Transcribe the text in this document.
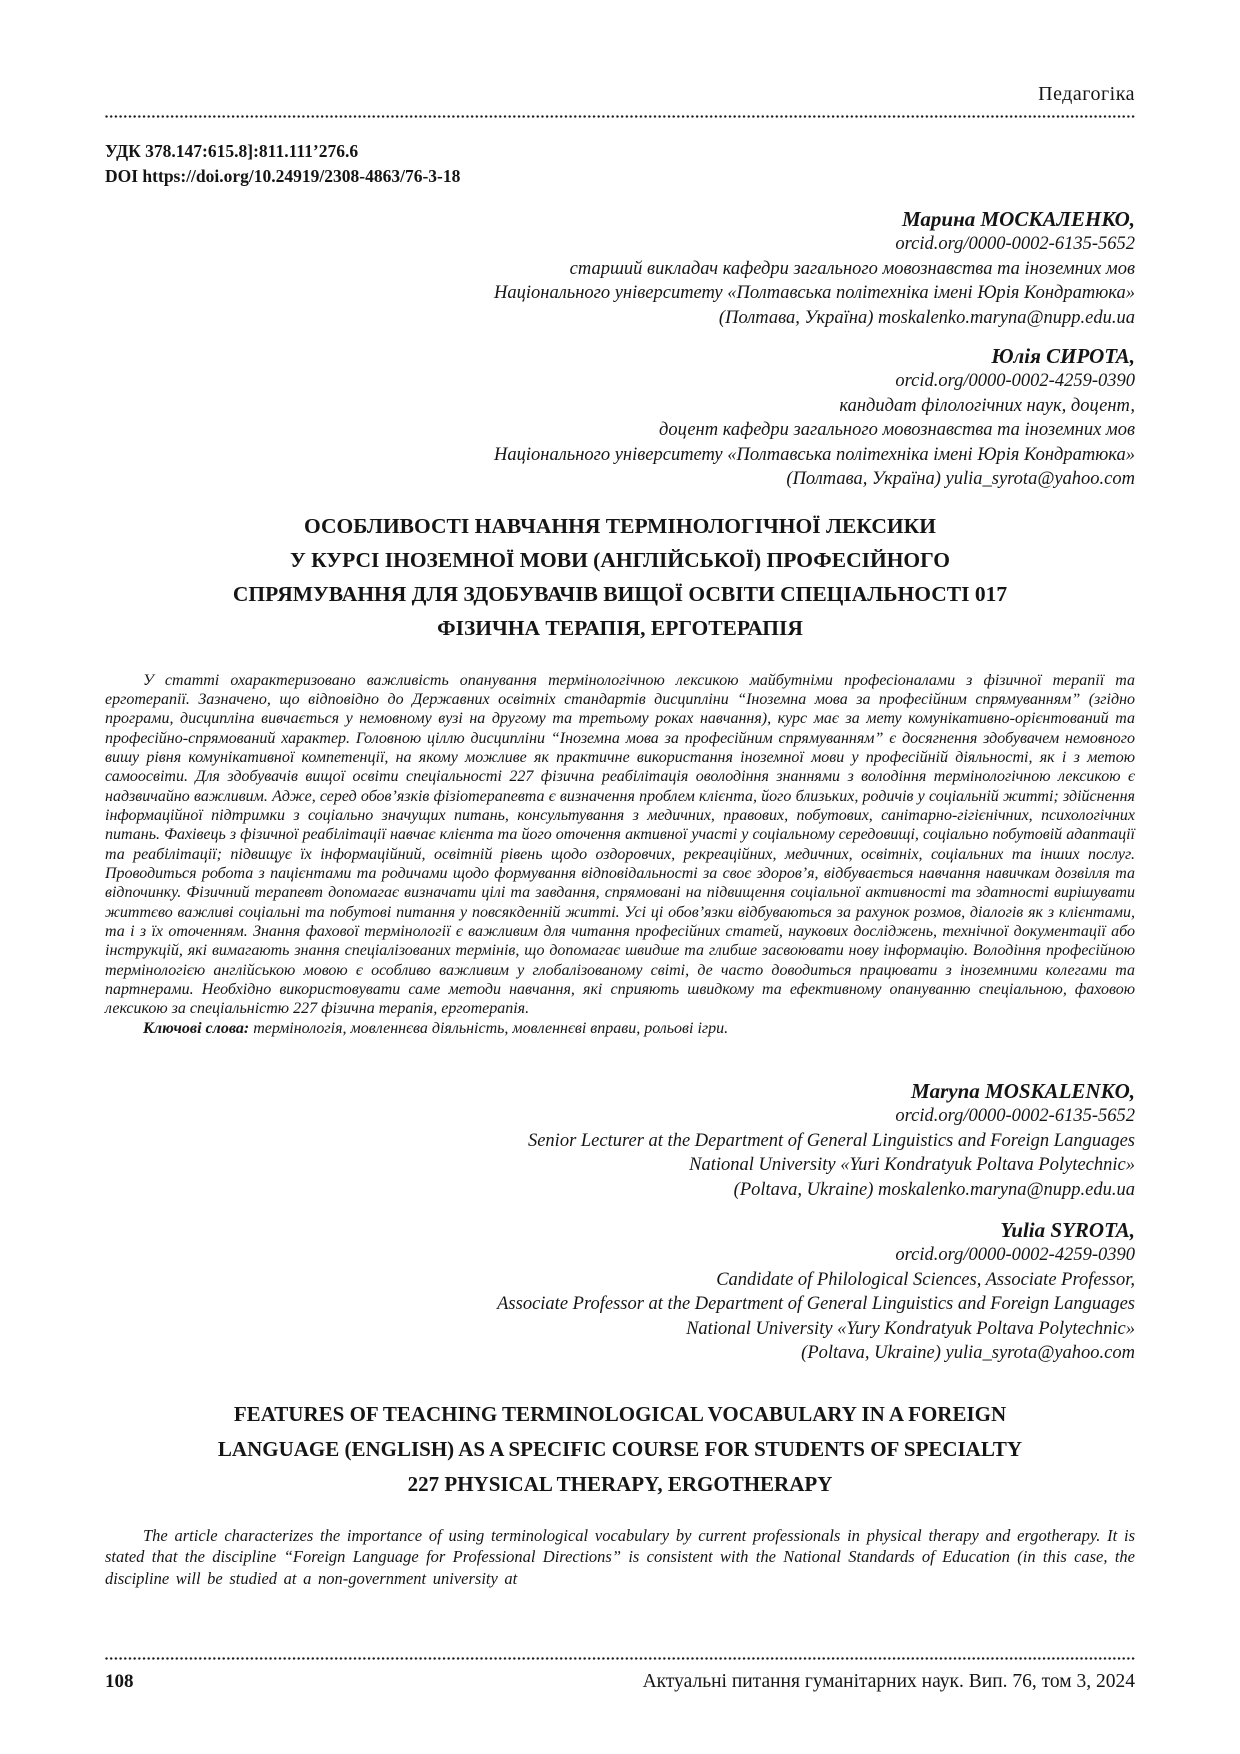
Педагогіка
УДК 378.147:615.8]:811.111’276.6
DOI https://doi.org/10.24919/2308-4863/76-3-18
Марина МОСКАЛЕНКО,
orcid.org/0000-0002-6135-5652
старший викладач кафедри загального мовознавства та іноземних мов
Національного університету «Полтавська політехніка імені Юрія Кондратюка»
(Полтава, Україна) moskalenko.maryna@nupp.edu.ua
Юлія СИРОТА,
orcid.org/0000-0002-4259-0390
кандидат філологічних наук, доцент,
доцент кафедри загального мовознавства та іноземних мов
Національного університету «Полтавська політехніка імені Юрія Кондратюка»
(Полтава, Україна) yulia_syrota@yahoo.com
ОСОБЛИВОСТІ НАВЧАННЯ ТЕРМІНОЛОГІЧНОЇ ЛЕКСИКИ
У КУРСІ ІНОЗЕМНОЇ МОВИ (АНГЛІЙСЬКОЇ) ПРОФЕСІЙНОГО
СПРЯМУВАННЯ ДЛЯ ЗДОБУВАЧІВ ВИЩОЇ ОСВІТИ СПЕЦІАЛЬНОСТІ 017
ФІЗИЧНА ТЕРАПІЯ, ЕРГОТЕРАПІЯ

У статті охарактеризовано важливість опанування термінологічною лексикою майбутніми професіоналами з фізичної терапії та ерготерапії. Зазначено, що відповідно до Державних освітніх стандартів дисципліни “Іноземна мова за професійним спрямуванням” (згідно програми, дисципліна вивчається у немовному вузі на другому та третьому роках навчання), курс має за мету комунікативно-орієнтований та професійно-спрямований характер. Головною ціллю дисципліни “Іноземна мова за професійним спрямуванням” є досягнення здобувачем немовного вишу рівня комунікативної компетенції, на якому можливе як практичне використання іноземної мови у професійній діяльності, як і з метою самоосвіти. Для здобувачів вищої освіти спеціальності 227 фізична реабілітація оволодіння знаннями з володіння термінологічною лексикою є надзвичайно важливим. Адже, серед обов’язків фізіотерапевта є визначення проблем клієнта, його близьких, родичів у соціальній житті; здійснення інформаційної підтримки з соціально значущих питань, консультування з медичних, правових, побутових, санітарно-гігієнічних, психологічних питань. Фахівець з фізичної реабілітації навчає клієнта та його оточення активної участі у соціальному середовищі, соціально побутовій адаптації та реабілітації; підвищує їх інформаційний, освітній рівень щодо оздоровчих, рекреаційних, медичних, освітніх, соціальних та інших послуг. Проводиться робота з пацієнтами та родичами щодо формування відповідальності за своє здоров’я, відбувається навчання навичкам дозвілля та відпочинку. Фізичний терапевт допомагає визначати цілі та завдання, спрямовані на підвищення соціальної активності та здатності вирішувати життєво важливі соціальні та побутові питання у повсякденній житті. Усі ці обов’язки відбуваються за рахунок розмов, діалогів як з клієнтами, та і з їх оточенням. Знання фахової термінології є важливим для читання професійних статей, наукових досліджень, технічної документації або інструкцій, які вимагають знання спеціалізованих термінів, що допомагає швидше та глибше засвоювати нову інформацію. Володіння професійною термінологією англійською мовою є особливо важливим у глобалізованому світі, де часто доводиться працювати з іноземними колегами та партнерами. Необхідно використовувати саме методи навчання, які сприяють швидкому та ефективному опануванню спеціальною, фаховою лексикою за спеціальністю 227 фізична терапія, ерготерапія.

Ключові слова: термінологія, мовленнєва діяльність, мовленнєві вправи, рольові ігри.

Maryna MOSKALENKO,
orcid.org/0000-0002-6135-5652
Senior Lecturer at the Department of General Linguistics and Foreign Languages
National University «Yuri Kondratyuk Poltava Polytechnic»
(Poltava, Ukraine) moskalenko.maryna@nupp.edu.ua
Yulia SYROTA,
orcid.org/0000-0002-4259-0390
Candidate of Philological Sciences, Associate Professor,
Associate Professor at the Department of General Linguistics and Foreign Languages
National University «Yury Kondratyuk Poltava Polytechnic»
(Poltava, Ukraine) yulia_syrota@yahoo.com
FEATURES OF TEACHING TERMINOLOGICAL VOCABULARY IN A FOREIGN
LANGUAGE (ENGLISH) AS A SPECIFIC COURSE FOR STUDENTS OF SPECIALTY
227 PHYSICAL THERAPY, ERGOTHERAPY

The article characterizes the importance of using terminological vocabulary by current professionals in physical therapy and ergotherapy. It is stated that the discipline “Foreign Language for Professional Directions” is consistent with the National Standards of Education (in this case, the discipline will be studied at a non-government university at

108	Актуальні питання гуманітарних наук. Вип. 76, том 3, 2024
